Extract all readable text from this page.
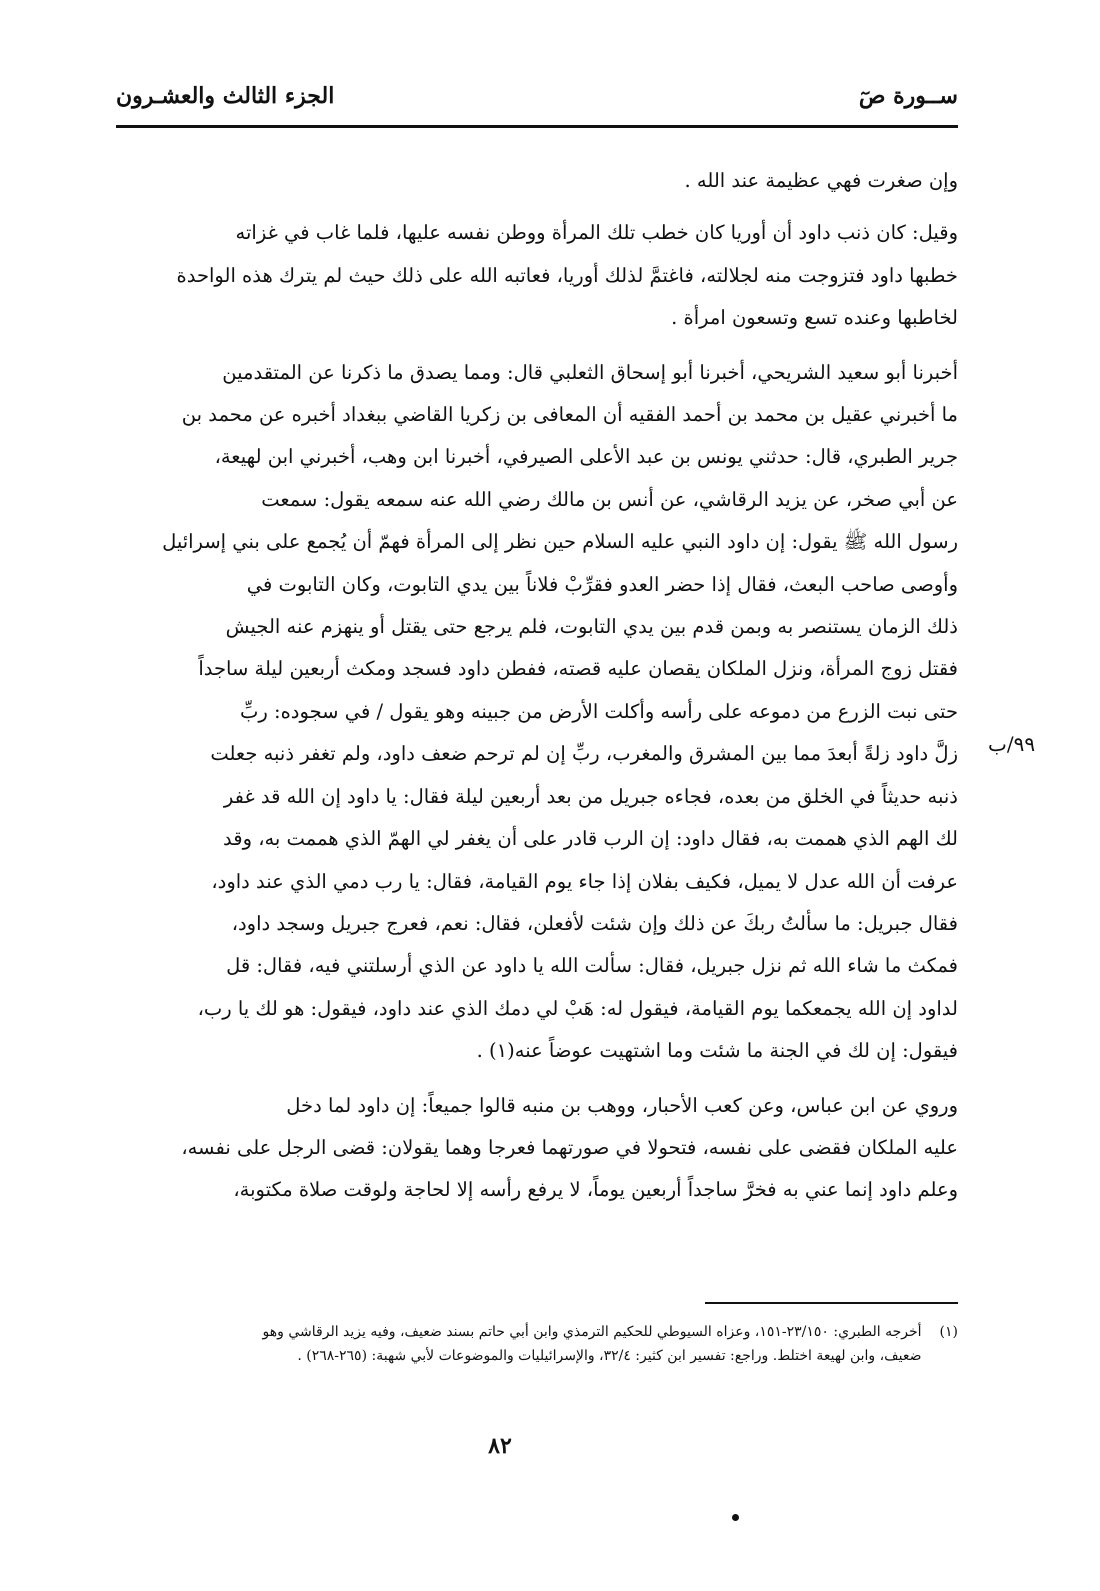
ســورة صٓ
الجزء الثالث والعشـرون
٩٩/ب
وإن صغرت فهي عظيمة عند الله .
وقيل: كان ذنب داود أن أوريا كان خطب تلك المرأة ووطن نفسه عليها، فلما غاب في غزاته
خطبها داود فتزوجت منه لجلالته، فاغتمَّ لذلك أوريا، فعاتبه الله على ذلك حيث لم يترك هذه الواحدة
لخاطبها وعنده تسع وتسعون امرأة .
أخبرنا أبو سعيد الشريحي، أخبرنا أبو إسحاق الثعلبي قال: ومما يصدق ما ذكرنا عن المتقدمين
ما أخبرني عقيل بن محمد بن أحمد الفقيه أن المعافى بن زكريا القاضي ببغداد أخبره عن محمد بن
جرير الطبري، قال: حدثني يونس بن عبد الأعلى الصيرفي، أخبرنا ابن وهب، أخبرني ابن لهيعة،
عن أبي صخر، عن يزيد الرقاشي، عن أنس بن مالك رضي الله عنه سمعه يقول: سمعت
رسول الله ﷺ يقول: إن داود النبي عليه السلام حين نظر إلى المرأة فهمّ أن يُجمع على بني إسرائيل
وأوصى صاحب البعث، فقال إذا حضر العدو فقرِّبْ فلاناً بين يدي التابوت، وكان التابوت في
ذلك الزمان يستنصر به وبمن قدم بين يدي التابوت، فلم يرجع حتى يقتل أو ينهزم عنه الجيش
فقتل زوج المرأة، ونزل الملكان يقصان عليه قصته، ففطن داود فسجد ومكث أربعين ليلة ساجداً
حتى نبت الزرع من دموعه على رأسه وأكلت الأرض من جبينه وهو يقول / في سجوده: ربِّ
زلَّ داود زلةً أبعدَ مما بين المشرق والمغرب، ربِّ إن لم ترحم ضعف داود، ولم تغفر ذنبه جعلت
ذنبه حديثاً في الخلق من بعده، فجاءه جبريل من بعد أربعين ليلة فقال: يا داود إن الله قد غفر
لك الهم الذي هممت به، فقال داود: إن الرب قادر على أن يغفر لي الهمّ الذي هممت به، وقد
عرفت أن الله عدل لا يميل، فكيف بفلان إذا جاء يوم القيامة، فقال: يا رب دمي الذي عند داود،
فقال جبريل: ما سألتُ ربكَ عن ذلك وإن شئت لأفعلن، فقال: نعم، فعرج جبريل وسجد داود،
فمكث ما شاء الله ثم نزل جبريل، فقال: سألت الله يا داود عن الذي أرسلتني فيه، فقال: قل
لداود إن الله يجمعكما يوم القيامة، فيقول له: هَبْ لي دمك الذي عند داود، فيقول: هو لك يا رب،
فيقول: إن لك في الجنة ما شئت وما اشتهيت عوضاً عنه(١) .
وروي عن ابن عباس، وعن كعب الأحبار، ووهب بن منبه قالوا جميعاً: إن داود لما دخل
عليه الملكان فقضى على نفسه، فتحولا في صورتهما فعرجا وهما يقولان: قضى الرجل على نفسه،
وعلم داود إنما عني به فخرَّ ساجداً أربعين يوماً، لا يرفع رأسه إلا لحاجة ولوقت صلاة مكتوبة،
(١)
أخرجه الطبري: ٢٣/١٥٠-١٥١، وعزاه السيوطي للحكيم الترمذي وابن أبي حاتم بسند ضعيف، وفيه يزيد الرقاشي وهو
ضعيف، وابن لهيعة اختلط. وراجع: تفسير ابن كثير: ٣٢/٤، والإسرائيليات والموضوعات لأبي شهبة: (٢٦٥-٢٦٨) .
٨٢
